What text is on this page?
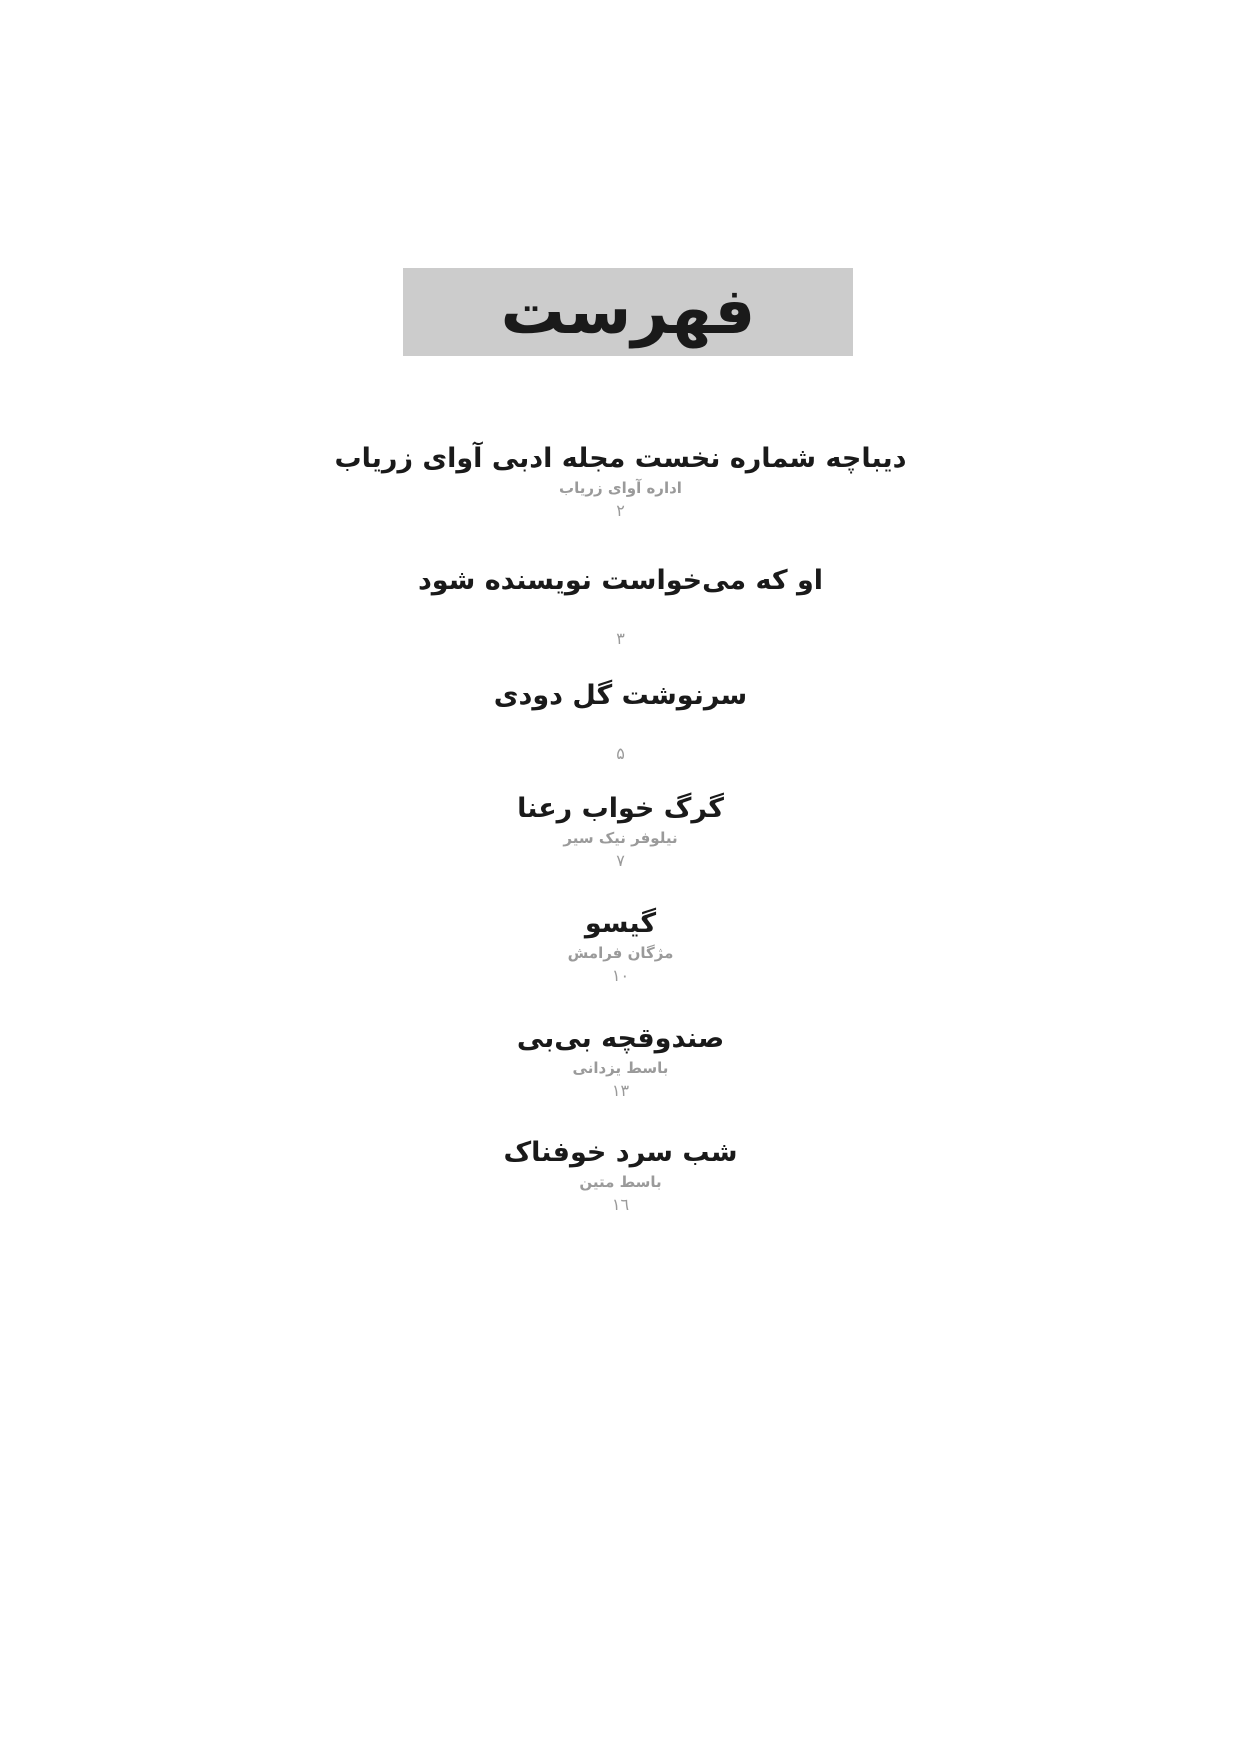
فهرست
دیباچه شماره نخست مجله ادبی آوای زریاب
اداره آوای زریاب
۲
او که می‌خواست نویسنده شود
۳
سرنوشت گل دودی
۵
گرگ خواب رعنا
نیلوفر نیک سیر
۷
گیسو
مژگان فرامش
۱۰
صندوقچه بی‌بی
باسط یزدانی
۱۳
شب سرد خوفناک
باسط متین
۱٦
